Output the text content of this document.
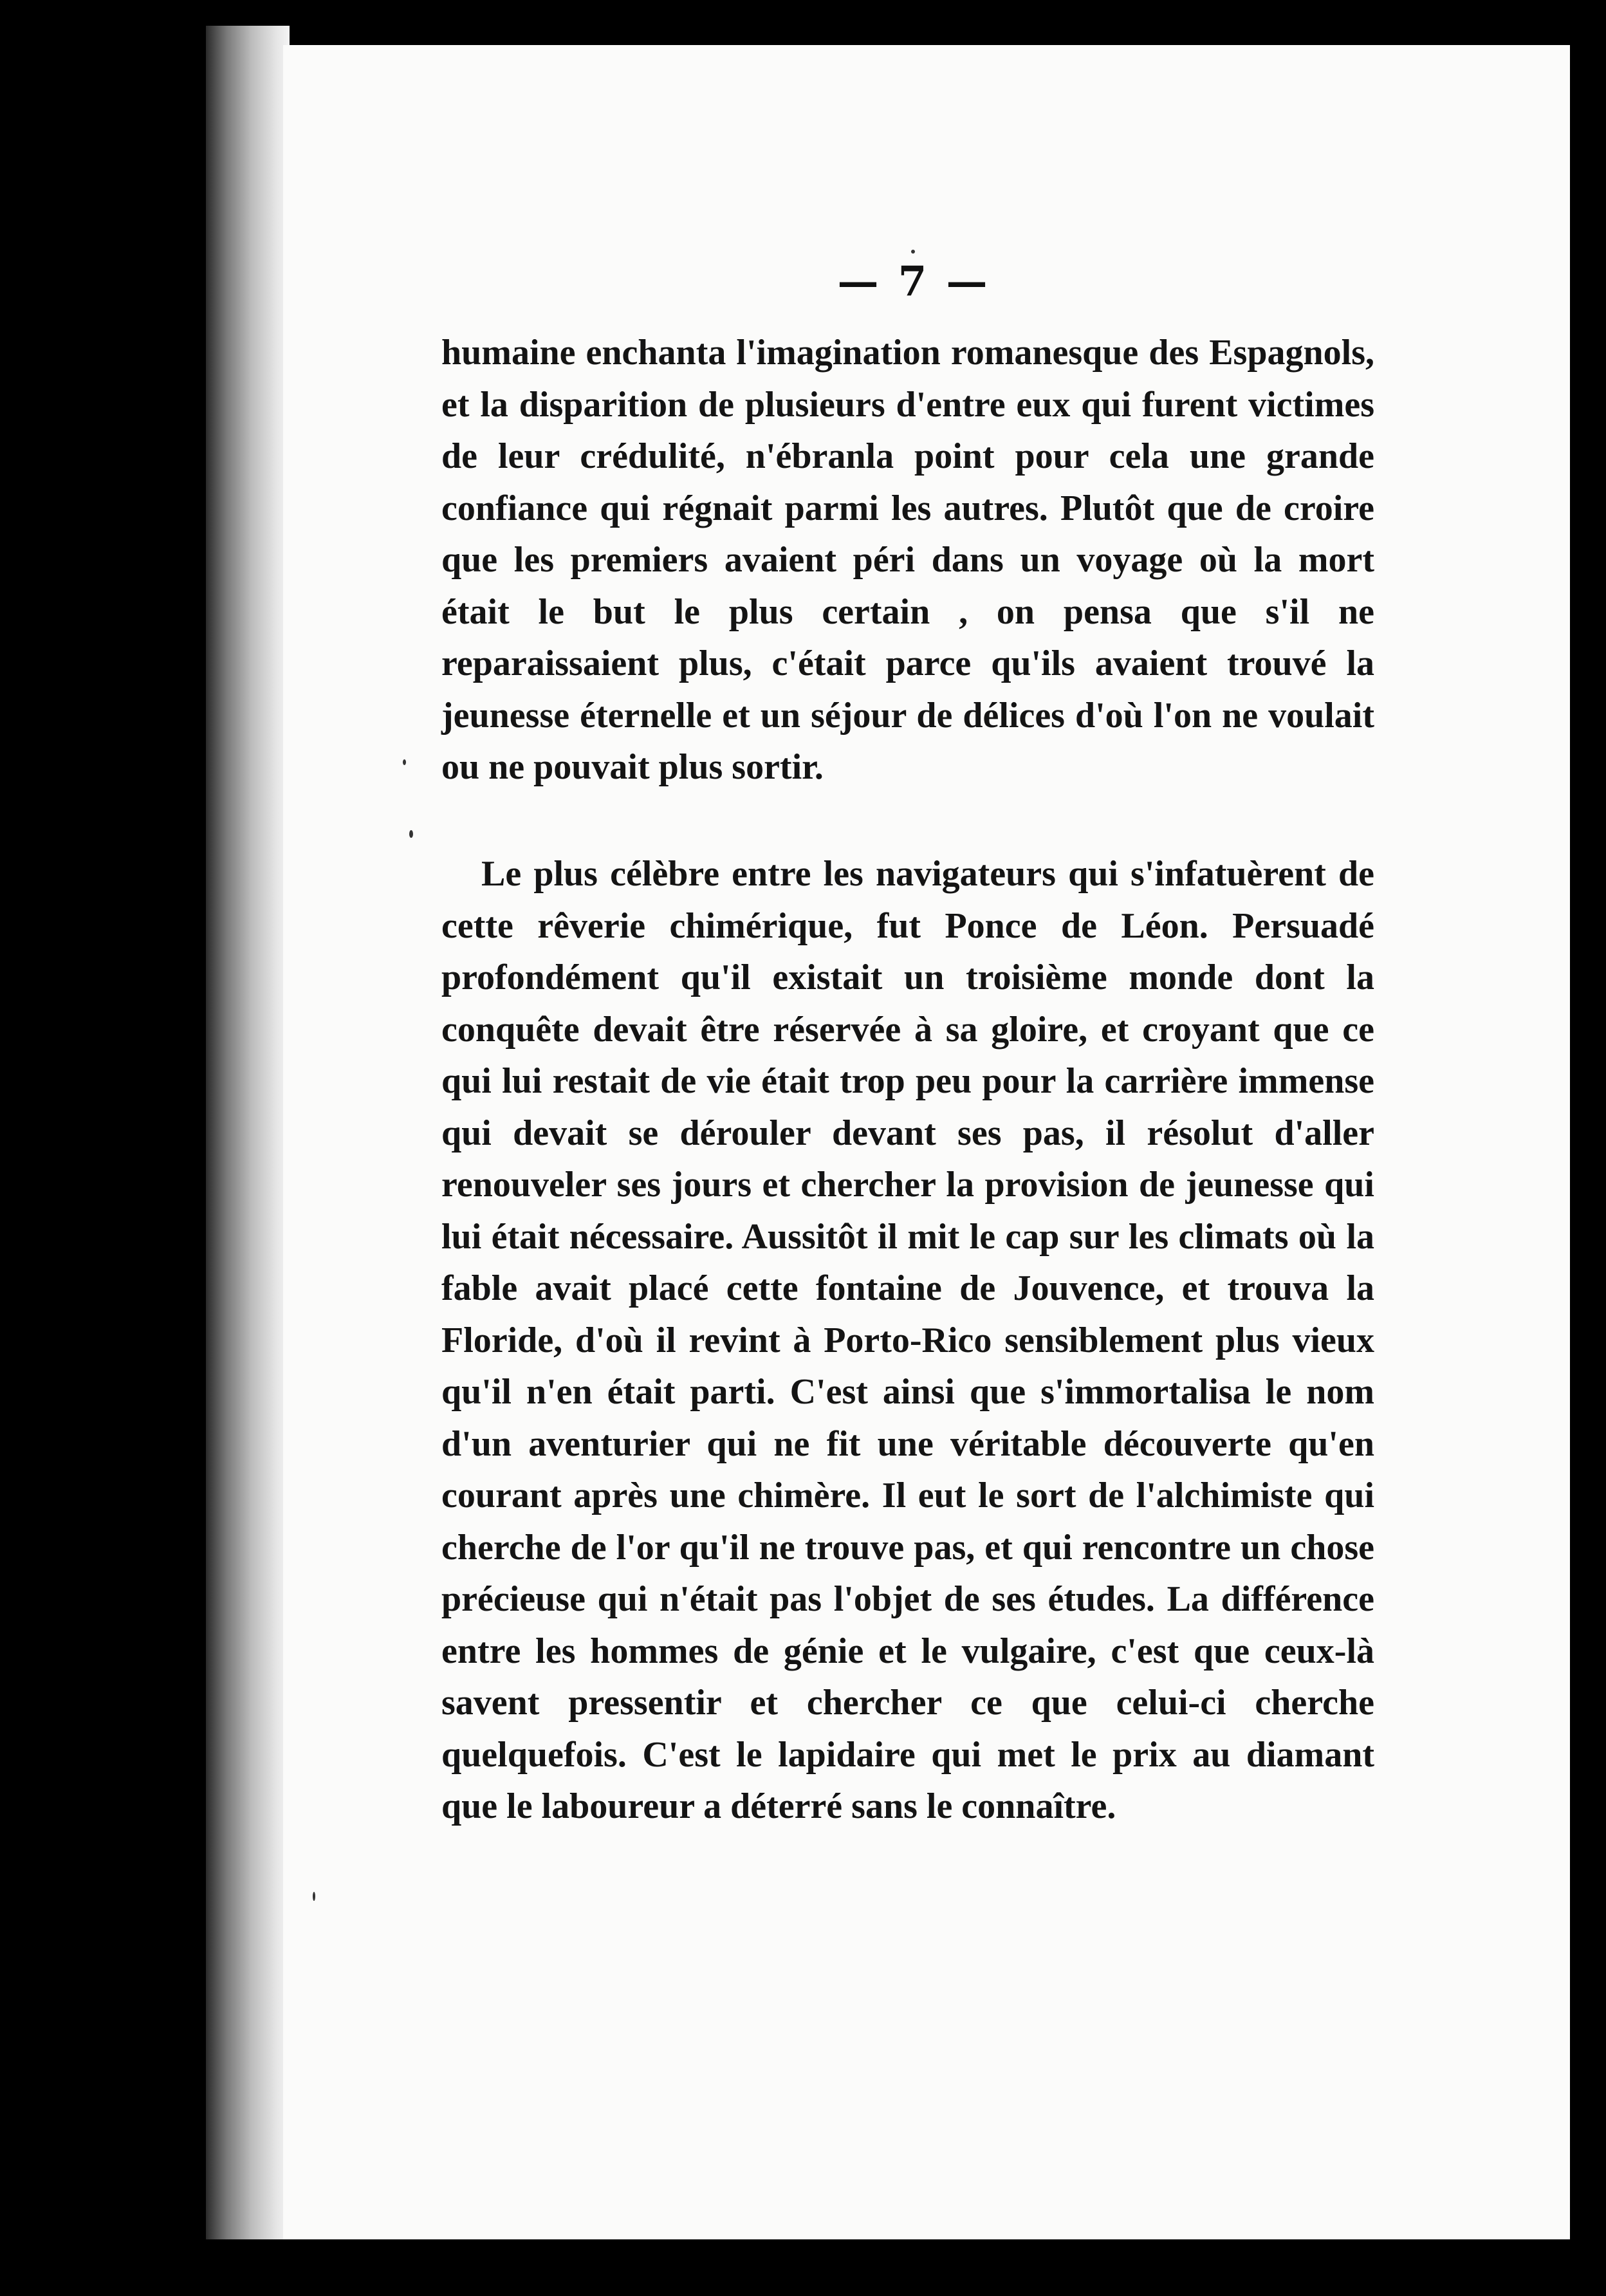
— 7 —
humaine enchanta l'imagination romanesque des Espagnols, et la disparition de plusieurs d'entre eux qui furent victimes de leur crédulité, n'ébranla point pour cela une grande confiance qui régnait parmi les autres. Plutôt que de croire que les premiers avaient péri dans un voyage où la mort était le but le plus certain , on pensa que s'il ne reparaissaient plus, c'était parce qu'ils avaient trouvé la jeunesse éternelle et un séjour de délices d'où l'on ne voulait ou ne pouvait plus sortir.
Le plus célèbre entre les navigateurs qui s'infatuèrent de cette rêverie chimérique, fut Ponce de Léon. Persuadé profondément qu'il existait un troisième monde dont la conquête devait être réservée à sa gloire, et croyant que ce qui lui restait de vie était trop peu pour la carrière immense qui devait se dérouler devant ses pas, il résolut d'aller renouveler ses jours et chercher la provision de jeunesse qui lui était nécessaire. Aussitôt il mit le cap sur les climats où la fable avait placé cette fontaine de Jouvence, et trouva la Floride, d'où il revint à Porto-Rico sensiblement plus vieux qu'il n'en était parti. C'est ainsi que s'immortalisa le nom d'un aventurier qui ne fit une véritable découverte qu'en courant après une chimère. Il eut le sort de l'alchimiste qui cherche de l'or qu'il ne trouve pas, et qui rencontre un chose précieuse qui n'était pas l'objet de ses études. La différence entre les hommes de génie et le vulgaire, c'est que ceux-là savent pressentir et chercher ce que celui-ci cherche quelquefois. C'est le lapidaire qui met le prix au diamant que le laboureur a déterré sans le connaître.
